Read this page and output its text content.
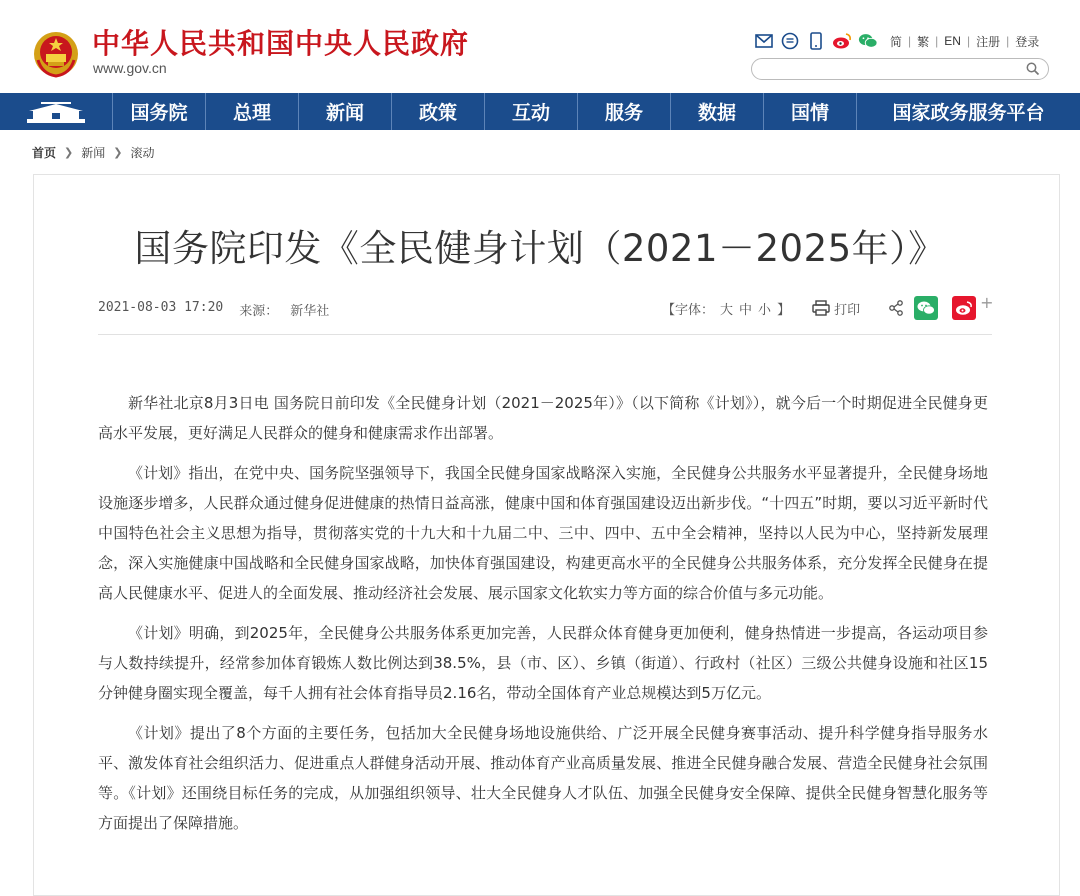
中华人民共和国中央人民政府
www.gov.cn
简 | 繁 | EN | 注册 | 登录
国务院	总理	新闻	政策	互动	服务	数据	国情	国家政务服务平台
首页 ❯ 新闻 ❯ 滚动
国务院印发《全民健身计划（2021－2025年）》
2021-08-03 17:20 来源： 新华社	【字体： 大 中 小 】	打印	+

新华社北京8月3日电 国务院日前印发《全民健身计划（2021－2025年）》（以下简称《计划》），就今后一个时期促进全民健身更高水平发展，更好满足人民群众的健身和健康需求作出部署。

《计划》指出，在党中央、国务院坚强领导下，我国全民健身国家战略深入实施，全民健身公共服务水平显著提升，全民健身场地设施逐步增多，人民群众通过健身促进健康的热情日益高涨，健康中国和体育强国建设迈出新步伐。“十四五”时期，要以习近平新时代中国特色社会主义思想为指导，贯彻落实党的十九大和十九届二中、三中、四中、五中全会精神，坚持以人民为中心，坚持新发展理念，深入实施健康中国战略和全民健身国家战略，加快体育强国建设，构建更高水平的全民健身公共服务体系，充分发挥全民健身在提高人民健康水平、促进人的全面发展、推动经济社会发展、展示国家文化软实力等方面的综合价值与多元功能。

《计划》明确，到2025年，全民健身公共服务体系更加完善，人民群众体育健身更加便利，健身热情进一步提高，各运动项目参与人数持续提升，经常参加体育锻炼人数比例达到38.5%，县（市、区）、乡镇（街道）、行政村（社区）三级公共健身设施和社区15分钟健身圈实现全覆盖，每千人拥有社会体育指导员2.16名，带动全国体育产业总规模达到5万亿元。

《计划》提出了8个方面的主要任务，包括加大全民健身场地设施供给、广泛开展全民健身赛事活动、提升科学健身指导服务水平、激发体育社会组织活力、促进重点人群健身活动开展、推动体育产业高质量发展、推进全民健身融合发展、营造全民健身社会氛围等。《计划》还围绕目标任务的完成，从加强组织领导、壮大全民健身人才队伍、加强全民健身安全保障、提供全民健身智慧化服务等方面提出了保障措施。
